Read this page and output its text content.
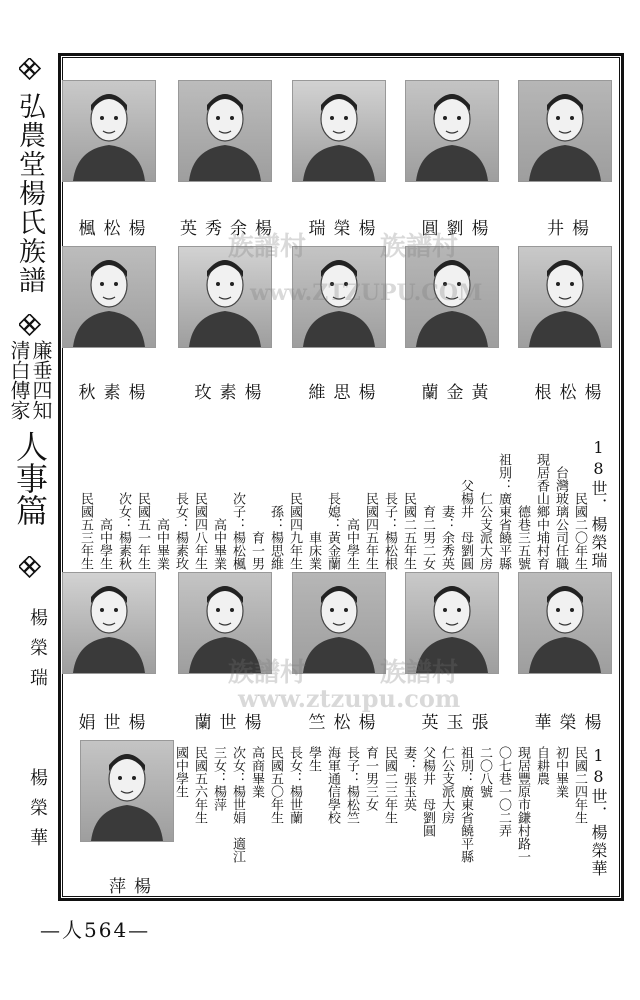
弘農堂楊氏族譜
廉垂四知
清白傳家
人事篇
楊榮瑞
楊榮華
楊松楓	楊余秀英	楊榮瑞	楊劉圓	楊井
楊素秋	楊素玫	楊思維	黃金蘭	楊松根
楊世娟	楊世蘭	楊松竺	張玉英	楊榮華
楊萍
18世．楊榮瑞
民國二〇年生
台灣玻璃公司任職
現居香山鄉中埔村育
德巷三五號
祖別：廣東省饒平縣
仁公支派大房
父楊井　母劉圓
妻：余秀英
育二男二女
民國二五年生
長子：楊松根
民國四五年生
高中學生
長媳：黃金蘭
車床業
民國四九年生
孫：楊思維
育一男
次子：楊松楓
高中畢業
民國四八年生
長女：楊素玫
高中畢業
民國五一年生
次女：楊素秋
高中學生
民國五三年生
18世．楊榮華
民國二四年生
初中畢業
自耕農
現居豐原市鎌村路一
〇七巷一〇二弄
二〇八號
祖別：廣東省饒平縣
仁公支派大房
父楊井　母劉圓
妻：張玉英
民國二三年生
育一男三女
長子：楊松竺
海軍通信學校
學生
長女：楊世蘭
民國五〇年生
高商畢業
次女：楊世娟　適江
三女：楊萍
民國五六年生
國中學生
族譜村	族譜村
www.ZTZUPU.COM
族譜村	族譜村
www.ztzupu.com
—人564—
